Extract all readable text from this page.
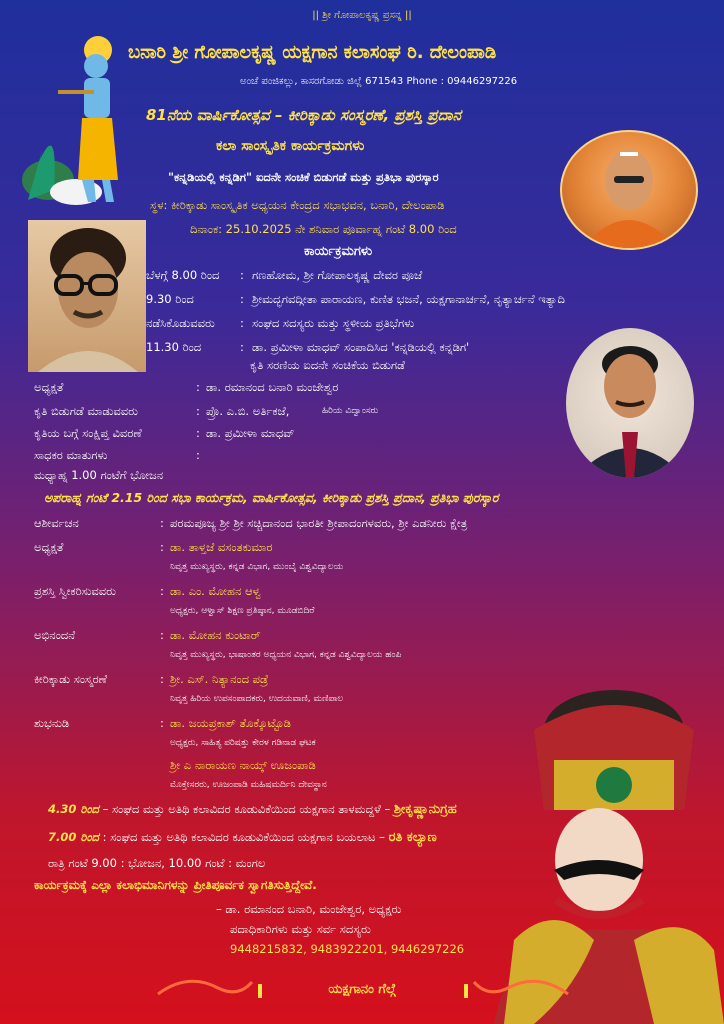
|| ಶ್ರೀ ಗೋಪಾಲಕೃಷ್ಣ ಪ್ರಸನ್ನ ||
ಬನಾರಿ ಶ್ರೀ ಗೋಪಾಲಕೃಷ್ಣ ಯಕ್ಷಗಾನ ಕಲಾಸಂಘ ರಿ. ದೇಲಂಪಾಡಿ
ಅಂಚೆ ಪಂಜಿಕಲ್ಲು, ಕಾಸರಗೋಡು ಜಿಲ್ಲೆ 671543 Phone : 09446297226
81ನೆಯ ವಾರ್ಷಿಕೋತ್ಸವ – ಕೀರಿಕ್ಕಾಡು ಸಂಸ್ಮರಣೆ, ಪ್ರಶಸ್ತಿ ಪ್ರದಾನ
ಕಲಾ ಸಾಂಸ್ಕೃತಿಕ ಕಾರ್ಯಕ್ರಮಗಳು
"ಕನ್ನಡಿಯಲ್ಲಿ ಕನ್ನಡಿಗ" ಐದನೇ ಸಂಚಿಕೆ ಬಿಡುಗಡೆ ಮತ್ತು ಪ್ರತಿಭಾ ಪುರಸ್ಕಾರ
ಸ್ಥಳ: ಕೀರಿಕ್ಕಾಡು ಸಾಂಸ್ಕೃತಿಕ ಅಧ್ಯಯನ ಕೇಂದ್ರದ ಸಭಾಭವನ, ಬನಾರಿ, ದೇಲಂಪಾಡಿ
ದಿನಾಂಕ: 25.10.2025 ನೇ ಶನಿವಾರ ಪೂರ್ವಾಹ್ನ ಗಂಟೆ 8.00 ರಿಂದ
ಕಾರ್ಯಕ್ರಮಗಳು
ಬೆಳಗ್ಗೆ 8.00 ರಿಂದ : ಗಣಹೋಮ, ಶ್ರೀ ಗೋಪಾಲಕೃಷ್ಣ ದೇವರ ಪೂಜೆ
9.30 ರಿಂದ	: ಶ್ರೀಮದ್ಭಗವದ್ಗೀತಾ ಪಾರಾಯಣ, ಕುಣಿತ ಭಜನೆ, ಯಕ್ಷಗಾನಾರ್ಚನೆ, ನೃತ್ಯಾರ್ಚನೆ ಇತ್ಯಾದಿ
ನಡೆಸಿಕೊಡುವವರು : ಸಂಘದ ಸದಸ್ಯರು ಮತ್ತು ಸ್ಥಳೀಯ ಪ್ರತಿಭೆಗಳು
11.30 ರಿಂದ	: ಡಾ. ಪ್ರಮೀಳಾ ಮಾಧವ್ ಸಂಪಾದಿಸಿದ 'ಕನ್ನಡಿಯಲ್ಲಿ ಕನ್ನಡಿಗ'
ಕೃತಿ ಸರಣಿಯ ಐದನೇ ಸಂಚಿಕೆಯ ಬಿಡುಗಡೆ
ಅಧ್ಯಕ್ಷತೆ	: ಡಾ. ರಮಾನಂದ ಬನಾರಿ ಮಂಜೇಶ್ವರ
ಕೃತಿ ಬಿಡುಗಡೆ ಮಾಡುವವರು	: ಪ್ರೊ. ಎ.ಬಿ. ಅರ್ತಿಕಜೆ,	ಹಿರಿಯ ವಿದ್ವಾಂಸರು
ಕೃತಿಯ ಬಗ್ಗೆ ಸಂಕ್ಷಿಪ್ತ ವಿವರಣೆ	: ಡಾ. ಪ್ರಮೀಳಾ ಮಾಧವ್
ಸಾಧಕರ ಮಾತುಗಳು	:
ಮಧ್ಯಾಹ್ನ 1.00 ಗಂಟೆಗೆ ಭೋಜನ
ಅಪರಾಹ್ನ ಗಂಟೆ 2.15 ರಿಂದ ಸಭಾ ಕಾರ್ಯಕ್ರಮ, ವಾರ್ಷಿಕೋತ್ಸವ, ಕೀರಿಕ್ಕಾಡು ಪ್ರಶಸ್ತಿ ಪ್ರದಾನ, ಪ್ರತಿಭಾ ಪುರಸ್ಕಾರ
ಆಶೀರ್ವಚನ	: ಪರಮಪೂಜ್ಯ ಶ್ರೀ ಶ್ರೀ ಸಚ್ಚಿದಾನಂದ ಭಾರತೀ ಶ್ರೀಪಾದಂಗಳವರು, ಶ್ರೀ ಎಡನೀರು ಕ್ಷೇತ್ರ
ಅಧ್ಯಕ್ಷತೆ	: ಡಾ. ತಾಳ್ತಜೆ ವಸಂತಕುಮಾರ
ನಿವೃತ್ತ ಮುಖ್ಯಸ್ಥರು, ಕನ್ನಡ ವಿಭಾಗ, ಮುಂಬೈ ವಿಶ್ವವಿದ್ಯಾಲಯ
ಪ್ರಶಸ್ತಿ ಸ್ವೀಕರಿಸುವವರು	: ಡಾ. ಎಂ. ಮೋಹನ ಆಳ್ವ
ಅಧ್ಯಕ್ಷರು, ಆಳ್ವಾಸ್ ಶಿಕ್ಷಣ ಪ್ರತಿಷ್ಠಾನ, ಮೂಡಬಿದಿರೆ
ಅಭಿನಂದನೆ	: ಡಾ. ಮೋಹನ ಕುಂಟಾರ್
ನಿವೃತ್ತ ಮುಖ್ಯಸ್ಥರು, ಭಾಷಾಂತರ ಅಧ್ಯಯನ ವಿಭಾಗ, ಕನ್ನಡ ವಿಶ್ವವಿದ್ಯಾಲಯ ಹಂಪಿ
ಕೀರಿಕ್ಕಾಡು ಸಂಸ್ಮರಣೆ	: ಶ್ರೀ. ಎಸ್. ನಿತ್ಯಾನಂದ ಪಡ್ರೆ
ನಿವೃತ್ತ ಹಿರಿಯ ಉಪಸಂಪಾದಕರು, ಉದಯವಾಣಿ, ಮಣಿಪಾಲ
ಶುಭನುಡಿ	: ಡಾ. ಜಯಪ್ರಕಾಶ್ ತೊಕ್ಕೊಟ್ಟೊಡಿ
ಅಧ್ಯಕ್ಷರು, ಸಾಹಿತ್ಯ ಪರಿಷತ್ತು ಕೇರಳ ಗಡಿನಾಡ ಘಟಕ
ಶ್ರೀ ಎ ನಾರಾಯಣ ನಾಯ್ಕ್ ಊಜಂಪಾಡಿ
ಮೊಕ್ತೇಸರರು, ಊಜಂಪಾಡಿ ಮಹಿಷಮರ್ದಿನಿ ದೇವಸ್ಥಾನ
4.30 ರಿಂದ – ಸಂಘದ ಮತ್ತು ಅತಿಥಿ ಕಲಾವಿದರ ಕೂಡುವಿಕೆಯಿಂದ ಯಕ್ಷಗಾನ ತಾಳಮದ್ದಳೆ – ಶ್ರೀಕೃಷ್ಣಾನುಗ್ರಹ
7.00 ರಿಂದ : ಸಂಘದ ಮತ್ತು ಅತಿಥಿ ಕಲಾವಿದರ ಕೂಡುವಿಕೆಯಿಂದ ಯಕ್ಷಗಾನ ಬಯಲಾಟ – ರತಿ ಕಲ್ಯಾಣ
ರಾತ್ರಿ ಗಂಟೆ 9.00 : ಭೋಜನ, 10.00 ಗಂಟೆ : ಮಂಗಲ
ಕಾರ್ಯಕ್ರಮಕ್ಕೆ ಎಲ್ಲಾ ಕಲಾಭಿಮಾನಿಗಳನ್ನು ಪ್ರೀತಿಪೂರ್ವಕ ಸ್ವಾಗತಿಸುತ್ತಿದ್ದೇವೆ.
– ಡಾ. ರಮಾನಂದ ಬನಾರಿ, ಮಂಜೇಶ್ವರ, ಅಧ್ಯಕ್ಷರು
ಪದಾಧಿಕಾರಿಗಳು ಮತ್ತು ಸರ್ವ ಸದಸ್ಯರು
9448215832, 9483922201, 9446297226
ಯಕ್ಷಗಾನಂ ಗೆಲ್ಗೆ
